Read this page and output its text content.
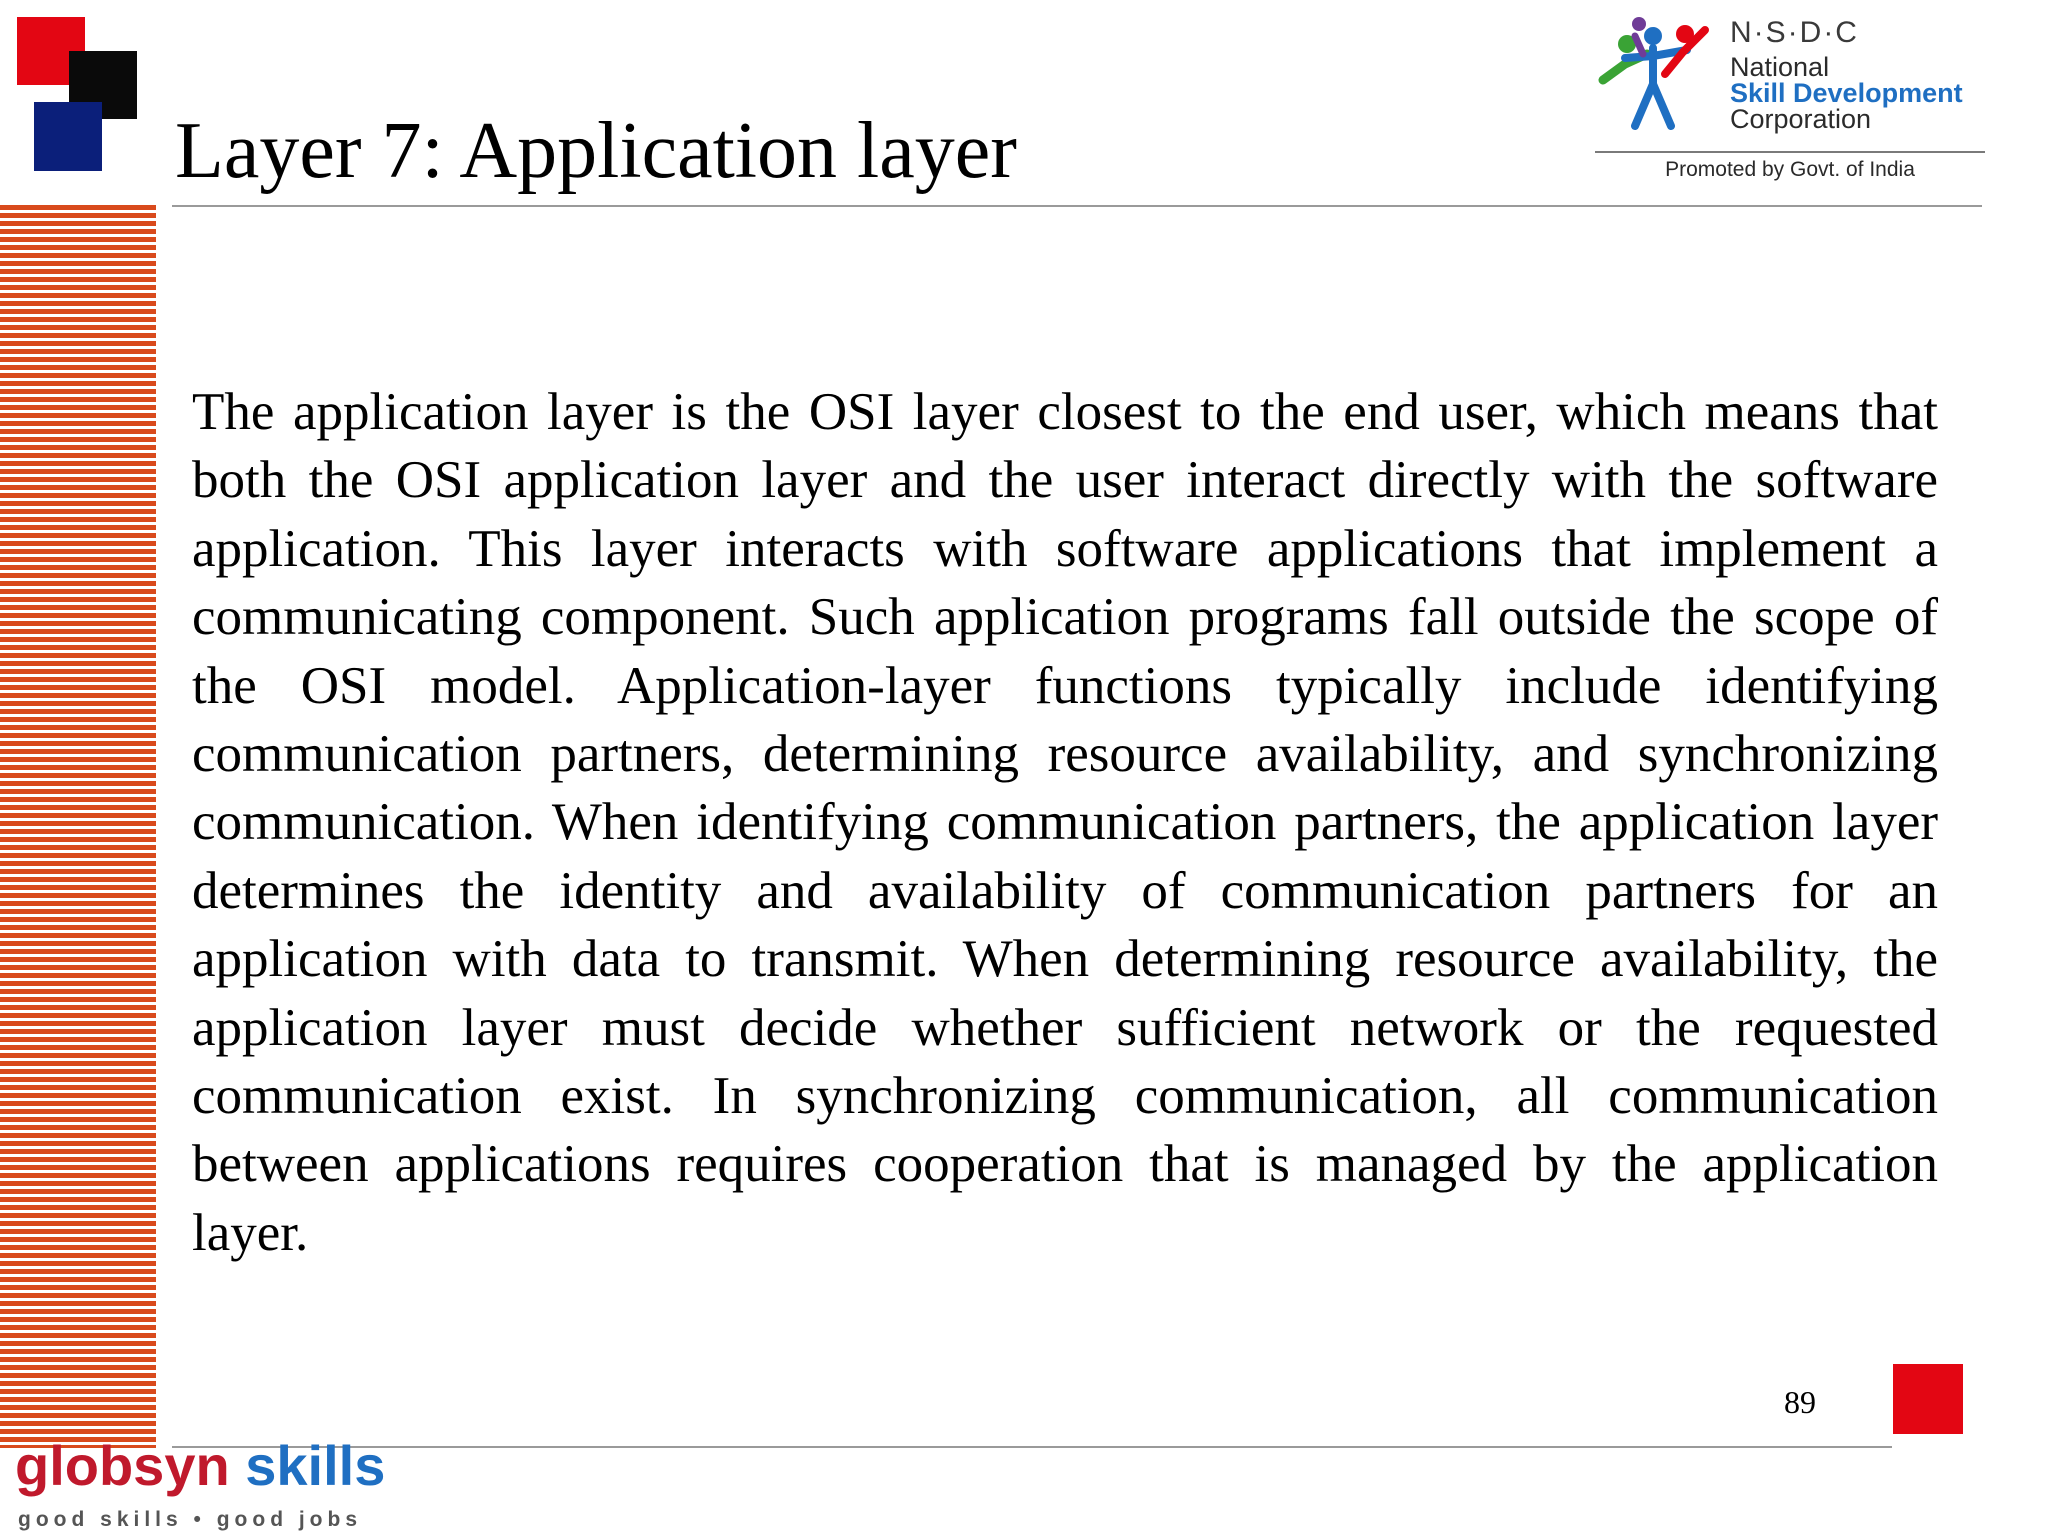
Layer 7: Application layer
N·S·D·C
National
Skill Development
Corporation
Promoted by Govt. of India
The application layer is the OSI layer closest to the end user, which means that both the OSI application layer and the user interact directly with the software application. This layer interacts with software applications that implement a communicating component. Such application programs fall outside the scope of the OSI model. Application-layer functions typically include identifying communication partners, determining resource availability, and synchronizing communication. When identifying communication partners, the application layer determines the identity and availability of communication partners for an application with data to transmit. When determining resource availability, the application layer must decide whether sufficient network or the requested communication exist. In synchronizing communication, all communication between applications requires cooperation that is managed by the application layer.
89
globsyn skills
good skills • good jobs
